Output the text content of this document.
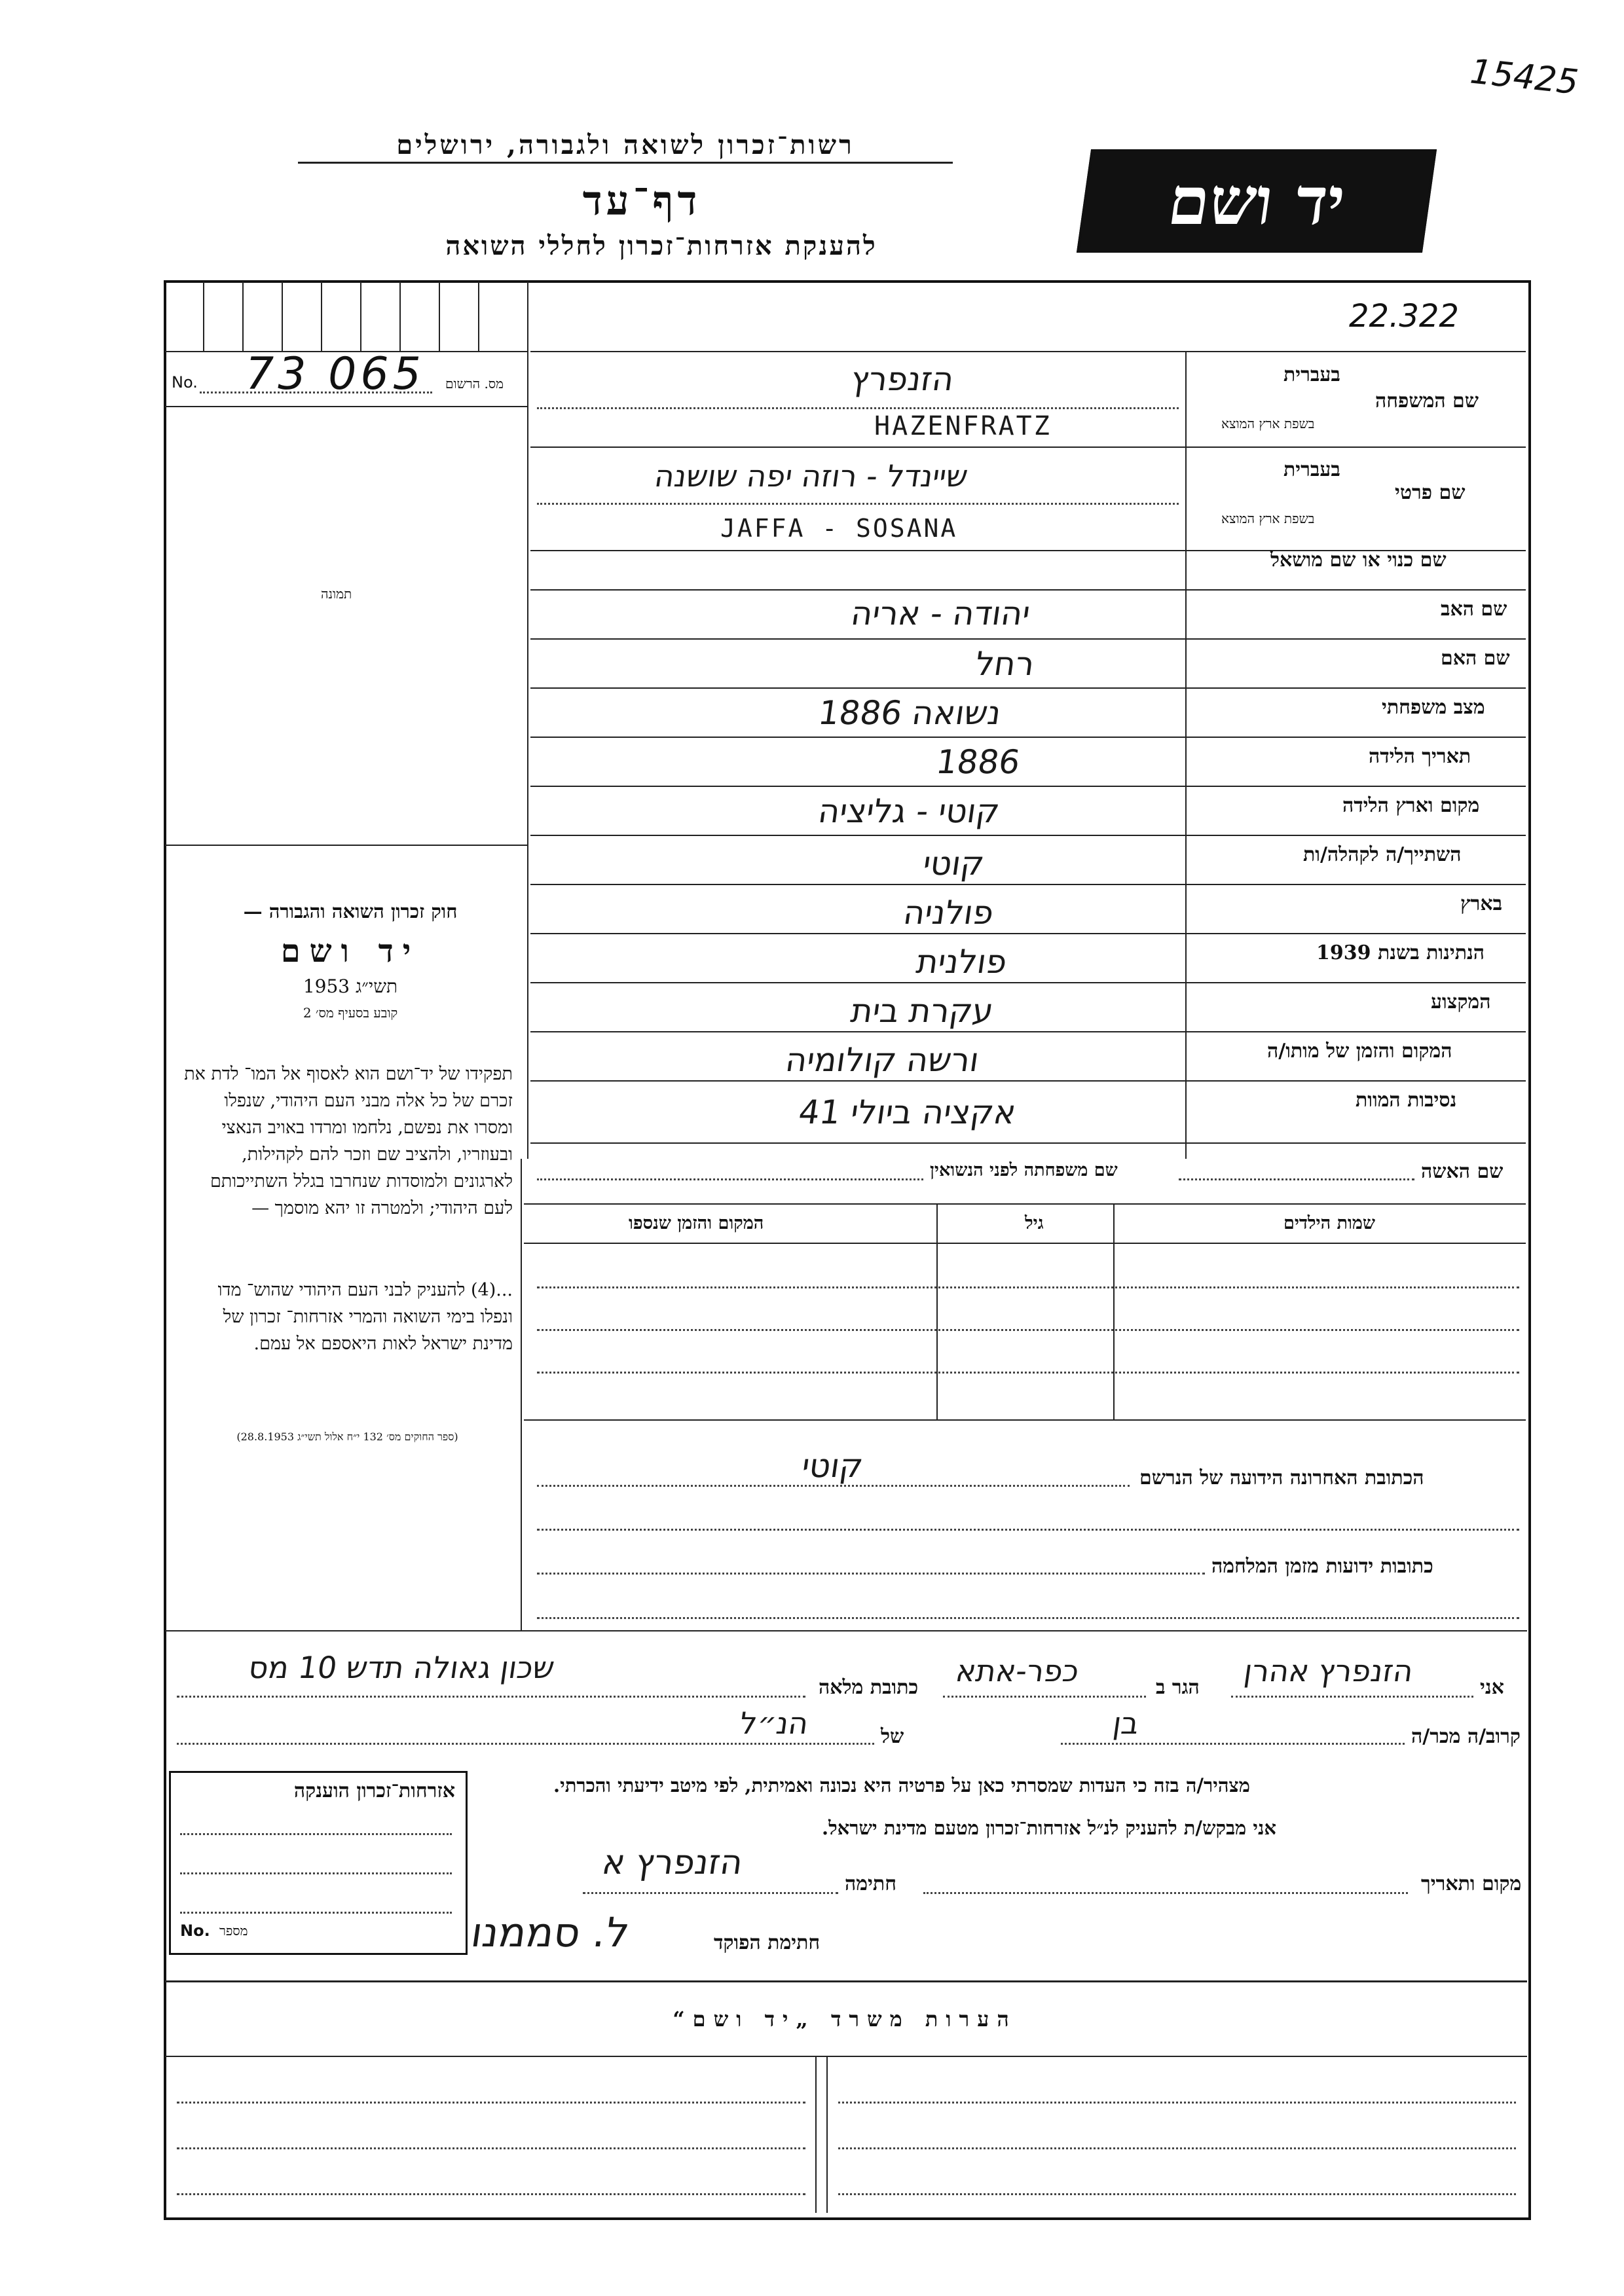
15425
רשות־זכרון לשואה ולגבורה, ירושלים
דף־עד
להענקת אזרחות־זכרון לחללי השואה
יד ושם
22.322
No. 73 065 מס. הרשום
תמונה
שם המשפחה
בעברית
בשפת ארץ המוצא
הזנפרץ
HAZENFRATZ
שם פרטי
בעברית
בשפת ארץ המוצא
שיינדל - רוזה יפה שושנה
JAFFA - SOSANA
שם כנוי או שם מושאל
שם האב
יהודה - אריה
שם האם
רחל
מצב משפחתי
נשואה 1886
תאריך הלידה
1886
מקום וארץ הלידה
קוטי - גליציה
השתייך/ה לקהלה/ות
קוטי
בארץ
פולניה
הנתינות בשנת 1939
פולנית
המקצוע
עקרת בית
המקום והזמן של מותו/ה
ורשה קולומיה
נסיבות המוות
אקציה ביולי 41
שם האשה
שם משפחתה לפני הנשואין
שמות הילדים
גיל
המקום והזמן שנספו
חוק זכרון השואה והגבורה —
יד ושם
תשי״ג 1953
קובע בסעיף מס׳ 2
תפקידו של יד־ושם הוא לאסוף אל המו־ לדת את זכרם של כל אלה מבני העם היהודי, שנפלו ומסרו את נפשם, נלחמו ומרדו באויב הנאצי ובעוזריו, ולהציב שם וזכר להם לקהילות, לארגונים ולמוסדות שנחרבו בגלל השתייכותם לעם היהודי; ולמטרה זו יהא מוסמך —
...(4) להעניק לבני העם היהודי שהוש־ מדו ונפלו בימי השואה והמרי אזרחות־ זכרון של מדינת ישראל לאות היאספם אל עמם.
(ספר החוקים מס׳ 132 י״ח אלול תשי״ג 28.8.1953)
הכתובת האחרונה הידועה של הנרשם
קוטי
כתובות ידועות מזמן המלחמה
אני
הזנפרץ אהרן
הגר ב
כפר-אתא
כתובת מלאה
שכון גאולה תדש 10 מס
קרוב/ה מכר/ה
בן
של
הנ״ל
מצהיר/ה בזה כי העדות שמסרתי כאן על פרטיה היא נכונה ואמיתית, לפי מיטב ידיעתי והכרתי.
אני מבקש/ת להעניק לנ״ל אזרחות־זכרון מטעם מדינת ישראל.
מקום ותאריך
חתימה
הזנפרץ א
חתימת הפוקד
ל. סממנו
אזרחות־זכרון הוענקה
No. מספר
הערות משרד „יד ושם“
